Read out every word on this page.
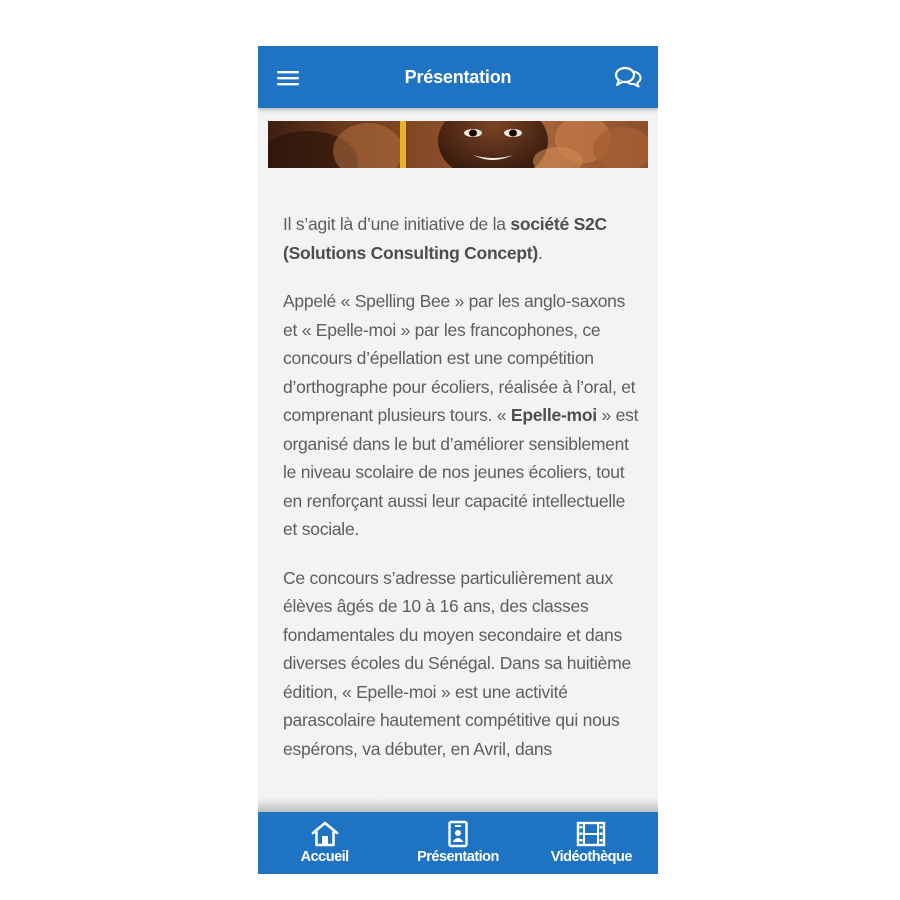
Présentation

Il s’agit là d’une initiative de la société S2C (Solutions Consulting Concept).

Appelé « Spelling Bee » par les anglo-saxons et « Epelle-moi » par les francophones, ce concours d’épellation est une compétition d’orthographe pour écoliers, réalisée à l’oral, et comprenant plusieurs tours. « Epelle-moi » est organisé dans le but d’améliorer sensiblement le niveau scolaire de nos jeunes écoliers, tout en renforçant aussi leur capacité intellectuelle et sociale.

Ce concours s’adresse particulièrement aux élèves âgés de 10 à 16 ans, des classes fondamentales du moyen secondaire et dans diverses écoles du Sénégal. Dans sa huitième édition, « Epelle-moi » est une activité parascolaire hautement compétitive qui nous espérons, va débuter, en Avril, dans

Accueil	Présentation	Vidéothèque
